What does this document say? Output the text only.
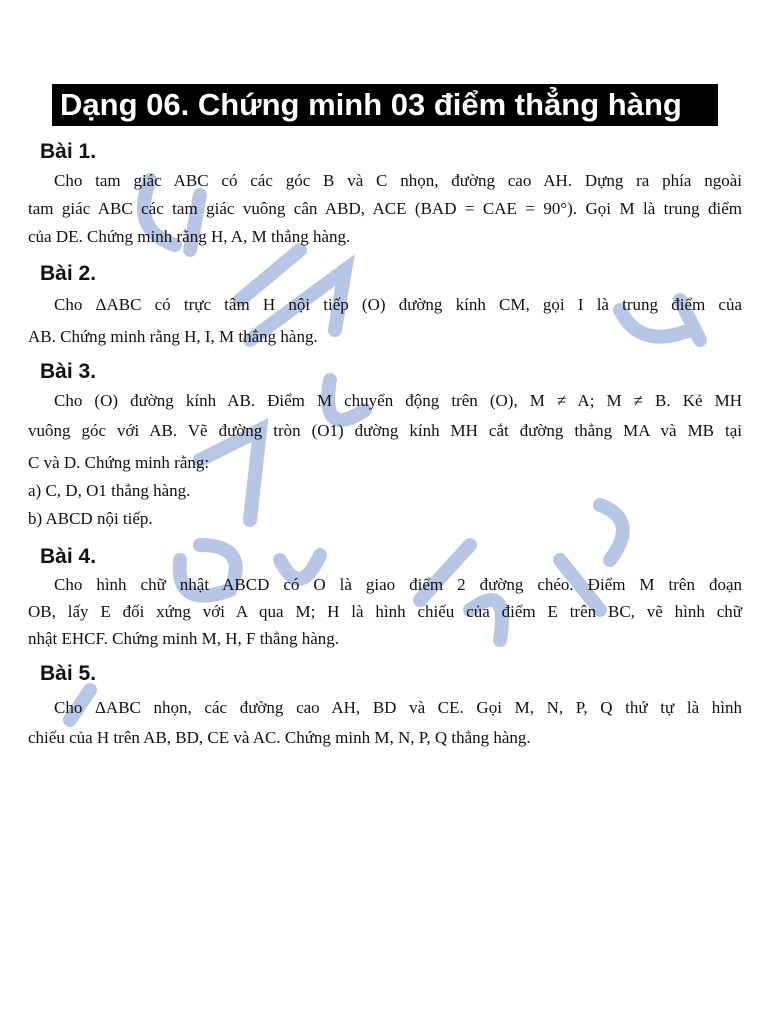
Dạng 06. Chứng minh 03 điểm thẳng hàng
Bài 1.
Cho tam giác ABC có các góc B và C nhọn, đường cao AH. Dựng ra phía ngoài
tam giác ABC các tam giác vuông cân ABD, ACE (BAD = CAE = 90°). Gọi M là trung điểm
của DE. Chứng minh rằng H, A, M thẳng hàng.
Bài 2.
Cho ΔABC có trực tâm H nội tiếp (O) đường kính CM, gọi I là trung điểm của
AB. Chứng minh rằng H, I, M thẳng hàng.
Bài 3.
Cho (O) đường kính AB. Điểm M chuyển động trên (O), M ≠ A; M ≠ B. Kẻ MH
vuông góc với AB. Vẽ đường tròn (O1) đường kính MH cắt đường thẳng MA và MB tại
C và D. Chứng minh rằng:
a) C, D, O1 thẳng hàng.
b) ABCD nội tiếp.
Bài 4.
Cho hình chữ nhật ABCD có O là giao điểm 2 đường chéo. Điểm M trên đoạn
OB, lấy E đối xứng với A qua M; H là hình chiếu của điểm E trên BC, vẽ hình chữ
nhật EHCF. Chứng minh M, H, F thẳng hàng.
Bài 5.
Cho ΔABC nhọn, các đường cao AH, BD và CE. Gọi M, N, P, Q thứ tự là hình
chiếu của H trên AB, BD, CE và AC. Chứng minh M, N, P, Q thẳng hàng.
